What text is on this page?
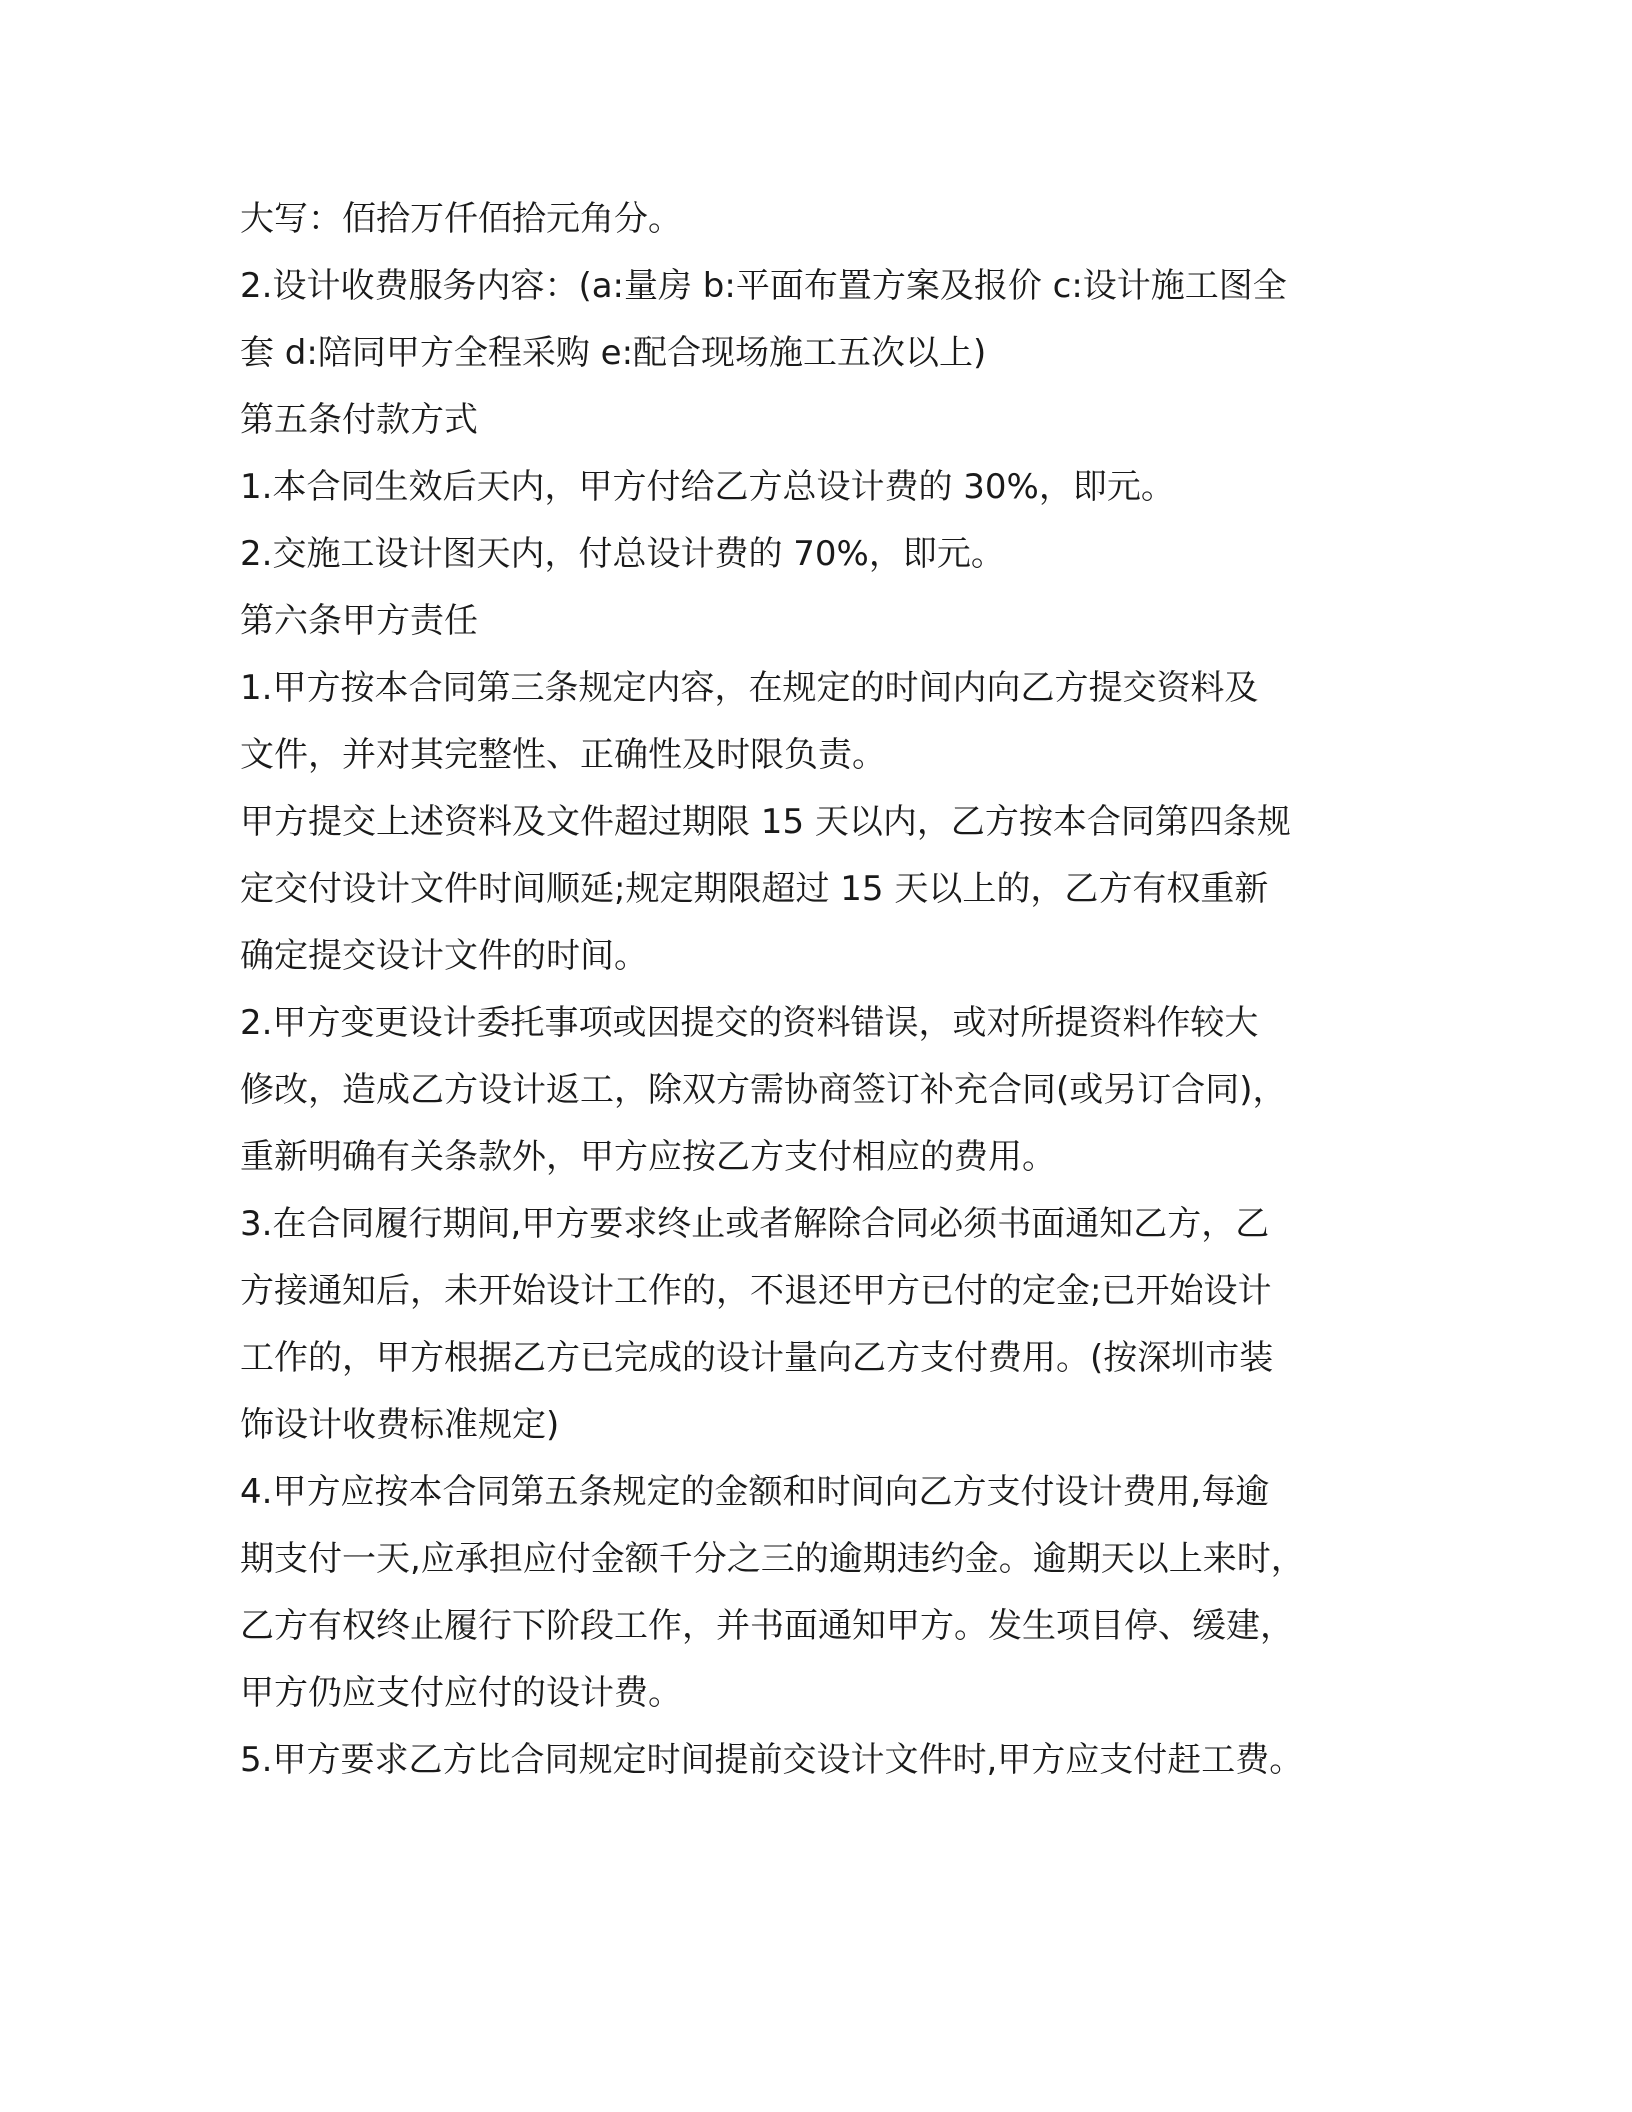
大写：佰拾万仟佰拾元角分。
2.设计收费服务内容：(a:量房 b:平面布置方案及报价 c:设计施工图全
套 d:陪同甲方全程采购 e:配合现场施工五次以上)
第五条付款方式
1.本合同生效后天内，甲方付给乙方总设计费的 30%，即元。
2.交施工设计图天内，付总设计费的 70%，即元。
第六条甲方责任
1.甲方按本合同第三条规定内容，在规定的时间内向乙方提交资料及
文件，并对其完整性、正确性及时限负责。
甲方提交上述资料及文件超过期限 15 天以内，乙方按本合同第四条规
定交付设计文件时间顺延;规定期限超过 15 天以上的，乙方有权重新
确定提交设计文件的时间。
2.甲方变更设计委托事项或因提交的资料错误，或对所提资料作较大
修改，造成乙方设计返工，除双方需协商签订补充合同(或另订合同)，
重新明确有关条款外，甲方应按乙方支付相应的费用。
3.在合同履行期间,甲方要求终止或者解除合同必须书面通知乙方，乙
方接通知后，未开始设计工作的，不退还甲方已付的定金;已开始设计
工作的，甲方根据乙方已完成的设计量向乙方支付费用。(按深圳市装
饰设计收费标准规定)
4.甲方应按本合同第五条规定的金额和时间向乙方支付设计费用,每逾
期支付一天,应承担应付金额千分之三的逾期违约金。逾期天以上来时，
乙方有权终止履行下阶段工作，并书面通知甲方。发生项目停、缓建，
甲方仍应支付应付的设计费。
5.甲方要求乙方比合同规定时间提前交设计文件时,甲方应支付赶工费。
